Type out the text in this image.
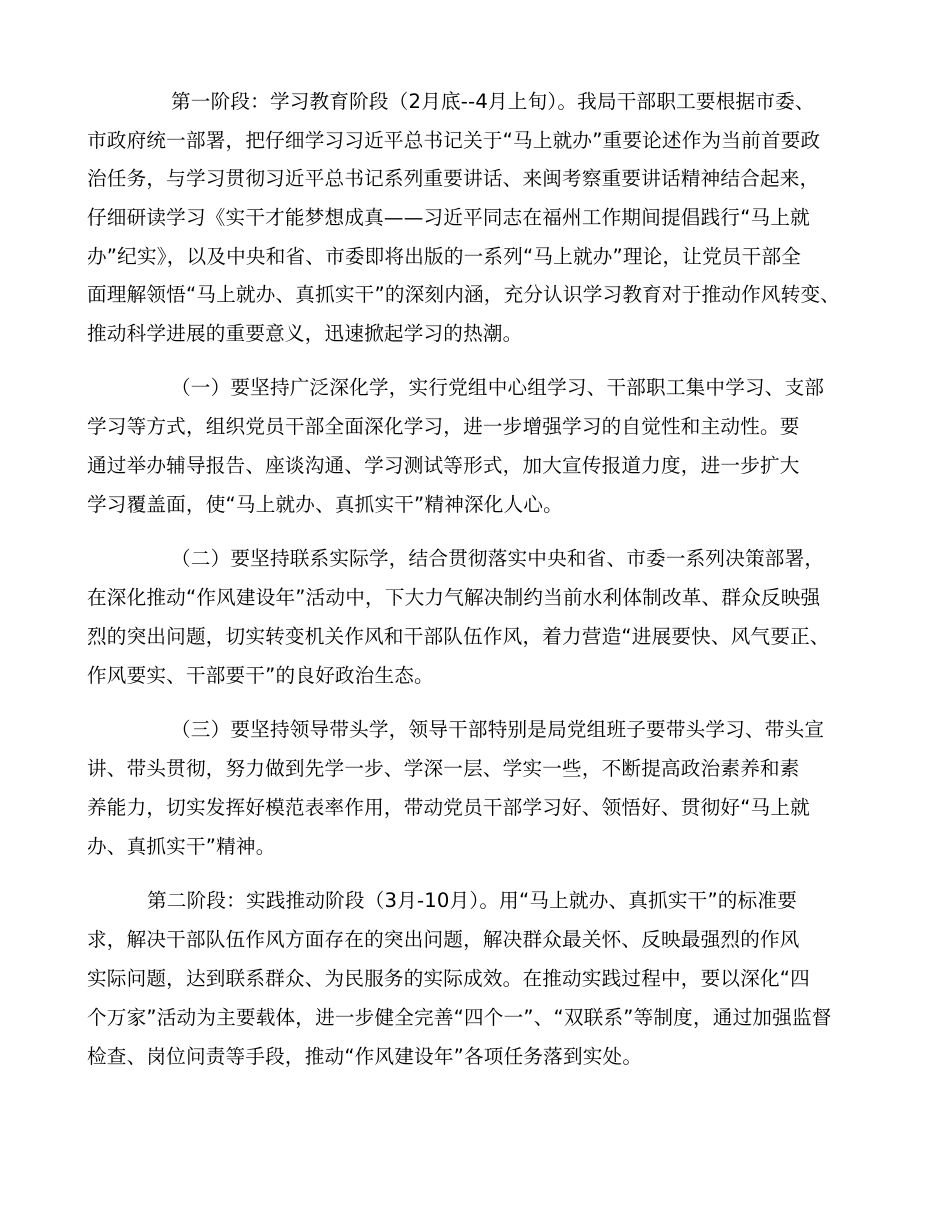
第一阶段：学习教育阶段（2月底--4月上旬）。我局干部职工要根据市委、
市政府统一部署，把仔细学习习近平总书记关于“马上就办”重要论述作为当前首要政
治任务，与学习贯彻习近平总书记系列重要讲话、来闽考察重要讲话精神结合起来，
仔细研读学习《实干才能梦想成真——习近平同志在福州工作期间提倡践行“马上就
办”纪实》，以及中央和省、市委即将出版的一系列“马上就办”理论，让党员干部全
面理解领悟“马上就办、真抓实干”的深刻内涵，充分认识学习教育对于推动作风转变、
推动科学进展的重要意义，迅速掀起学习的热潮。
（一）要坚持广泛深化学，实行党组中心组学习、干部职工集中学习、支部
学习等方式，组织党员干部全面深化学习，进一步增强学习的自觉性和主动性。要
通过举办辅导报告、座谈沟通、学习测试等形式，加大宣传报道力度，进一步扩大
学习覆盖面，使“马上就办、真抓实干”精神深化人心。
（二）要坚持联系实际学，结合贯彻落实中央和省、市委一系列决策部署，
在深化推动“作风建设年”活动中，下大力气解决制约当前水利体制改革、群众反映强
烈的突出问题，切实转变机关作风和干部队伍作风，着力营造“进展要快、风气要正、
作风要实、干部要干”的良好政治生态。
（三）要坚持领导带头学，领导干部特别是局党组班子要带头学习、带头宣
讲、带头贯彻，努力做到先学一步、学深一层、学实一些，不断提高政治素养和素
养能力，切实发挥好模范表率作用，带动党员干部学习好、领悟好、贯彻好“马上就
办、真抓实干”精神。
第二阶段：实践推动阶段（3月-10月）。用“马上就办、真抓实干”的标准要
求，解决干部队伍作风方面存在的突出问题，解决群众最关怀、反映最强烈的作风
实际问题，达到联系群众、为民服务的实际成效。在推动实践过程中，要以深化“四
个万家”活动为主要载体，进一步健全完善“四个一”、“双联系”等制度，通过加强监督
检查、岗位问责等手段，推动“作风建设年”各项任务落到实处。
